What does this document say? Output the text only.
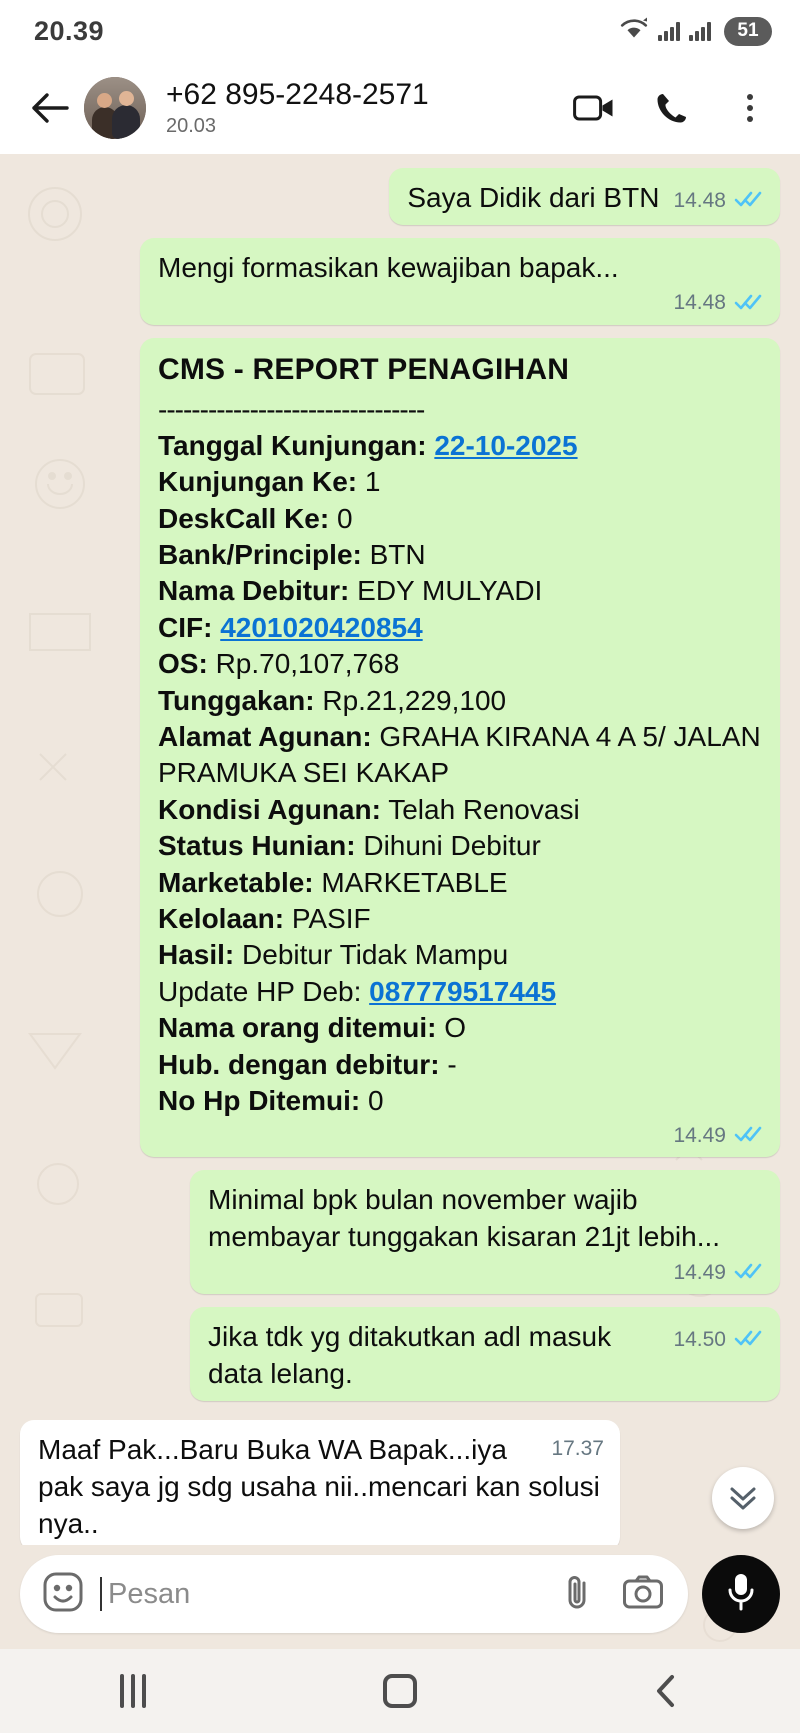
20.39	51
+62 895-2248-2571
20.03
14.48
Saya Didik dari BTN
Mengi formasikan kewajiban bapak...
14.48
CMS - REPORT PENAGIHAN
--------------------------------
Tanggal Kunjungan: 22-10-2025
Kunjungan Ke: 1
DeskCall Ke: 0
Bank/Principle: BTN
Nama Debitur: EDY MULYADI
CIF: 4201020420854
OS: Rp.70,107,768
Tunggakan: Rp.21,229,100
Alamat Agunan: GRAHA KIRANA 4 A 5/ JALAN PRAMUKA SEI KAKAP
Kondisi Agunan: Telah Renovasi
Status Hunian: Dihuni Debitur
Marketable: MARKETABLE
Kelolaan: PASIF
Hasil: Debitur Tidak Mampu
Update HP Deb: 087779517445
Nama orang ditemui: O
Hub. dengan debitur: -
No Hp Ditemui: 0
14.49
Minimal bpk bulan november wajib membayar tunggakan kisaran 21jt lebih...
14.49
14.50
Jika tdk yg ditakutkan adl masuk data lelang.
17.37
Maaf Pak...Baru Buka WA Bapak...iya pak saya jg sdg usaha nii..mencari kan solusi nya..
Pesan
